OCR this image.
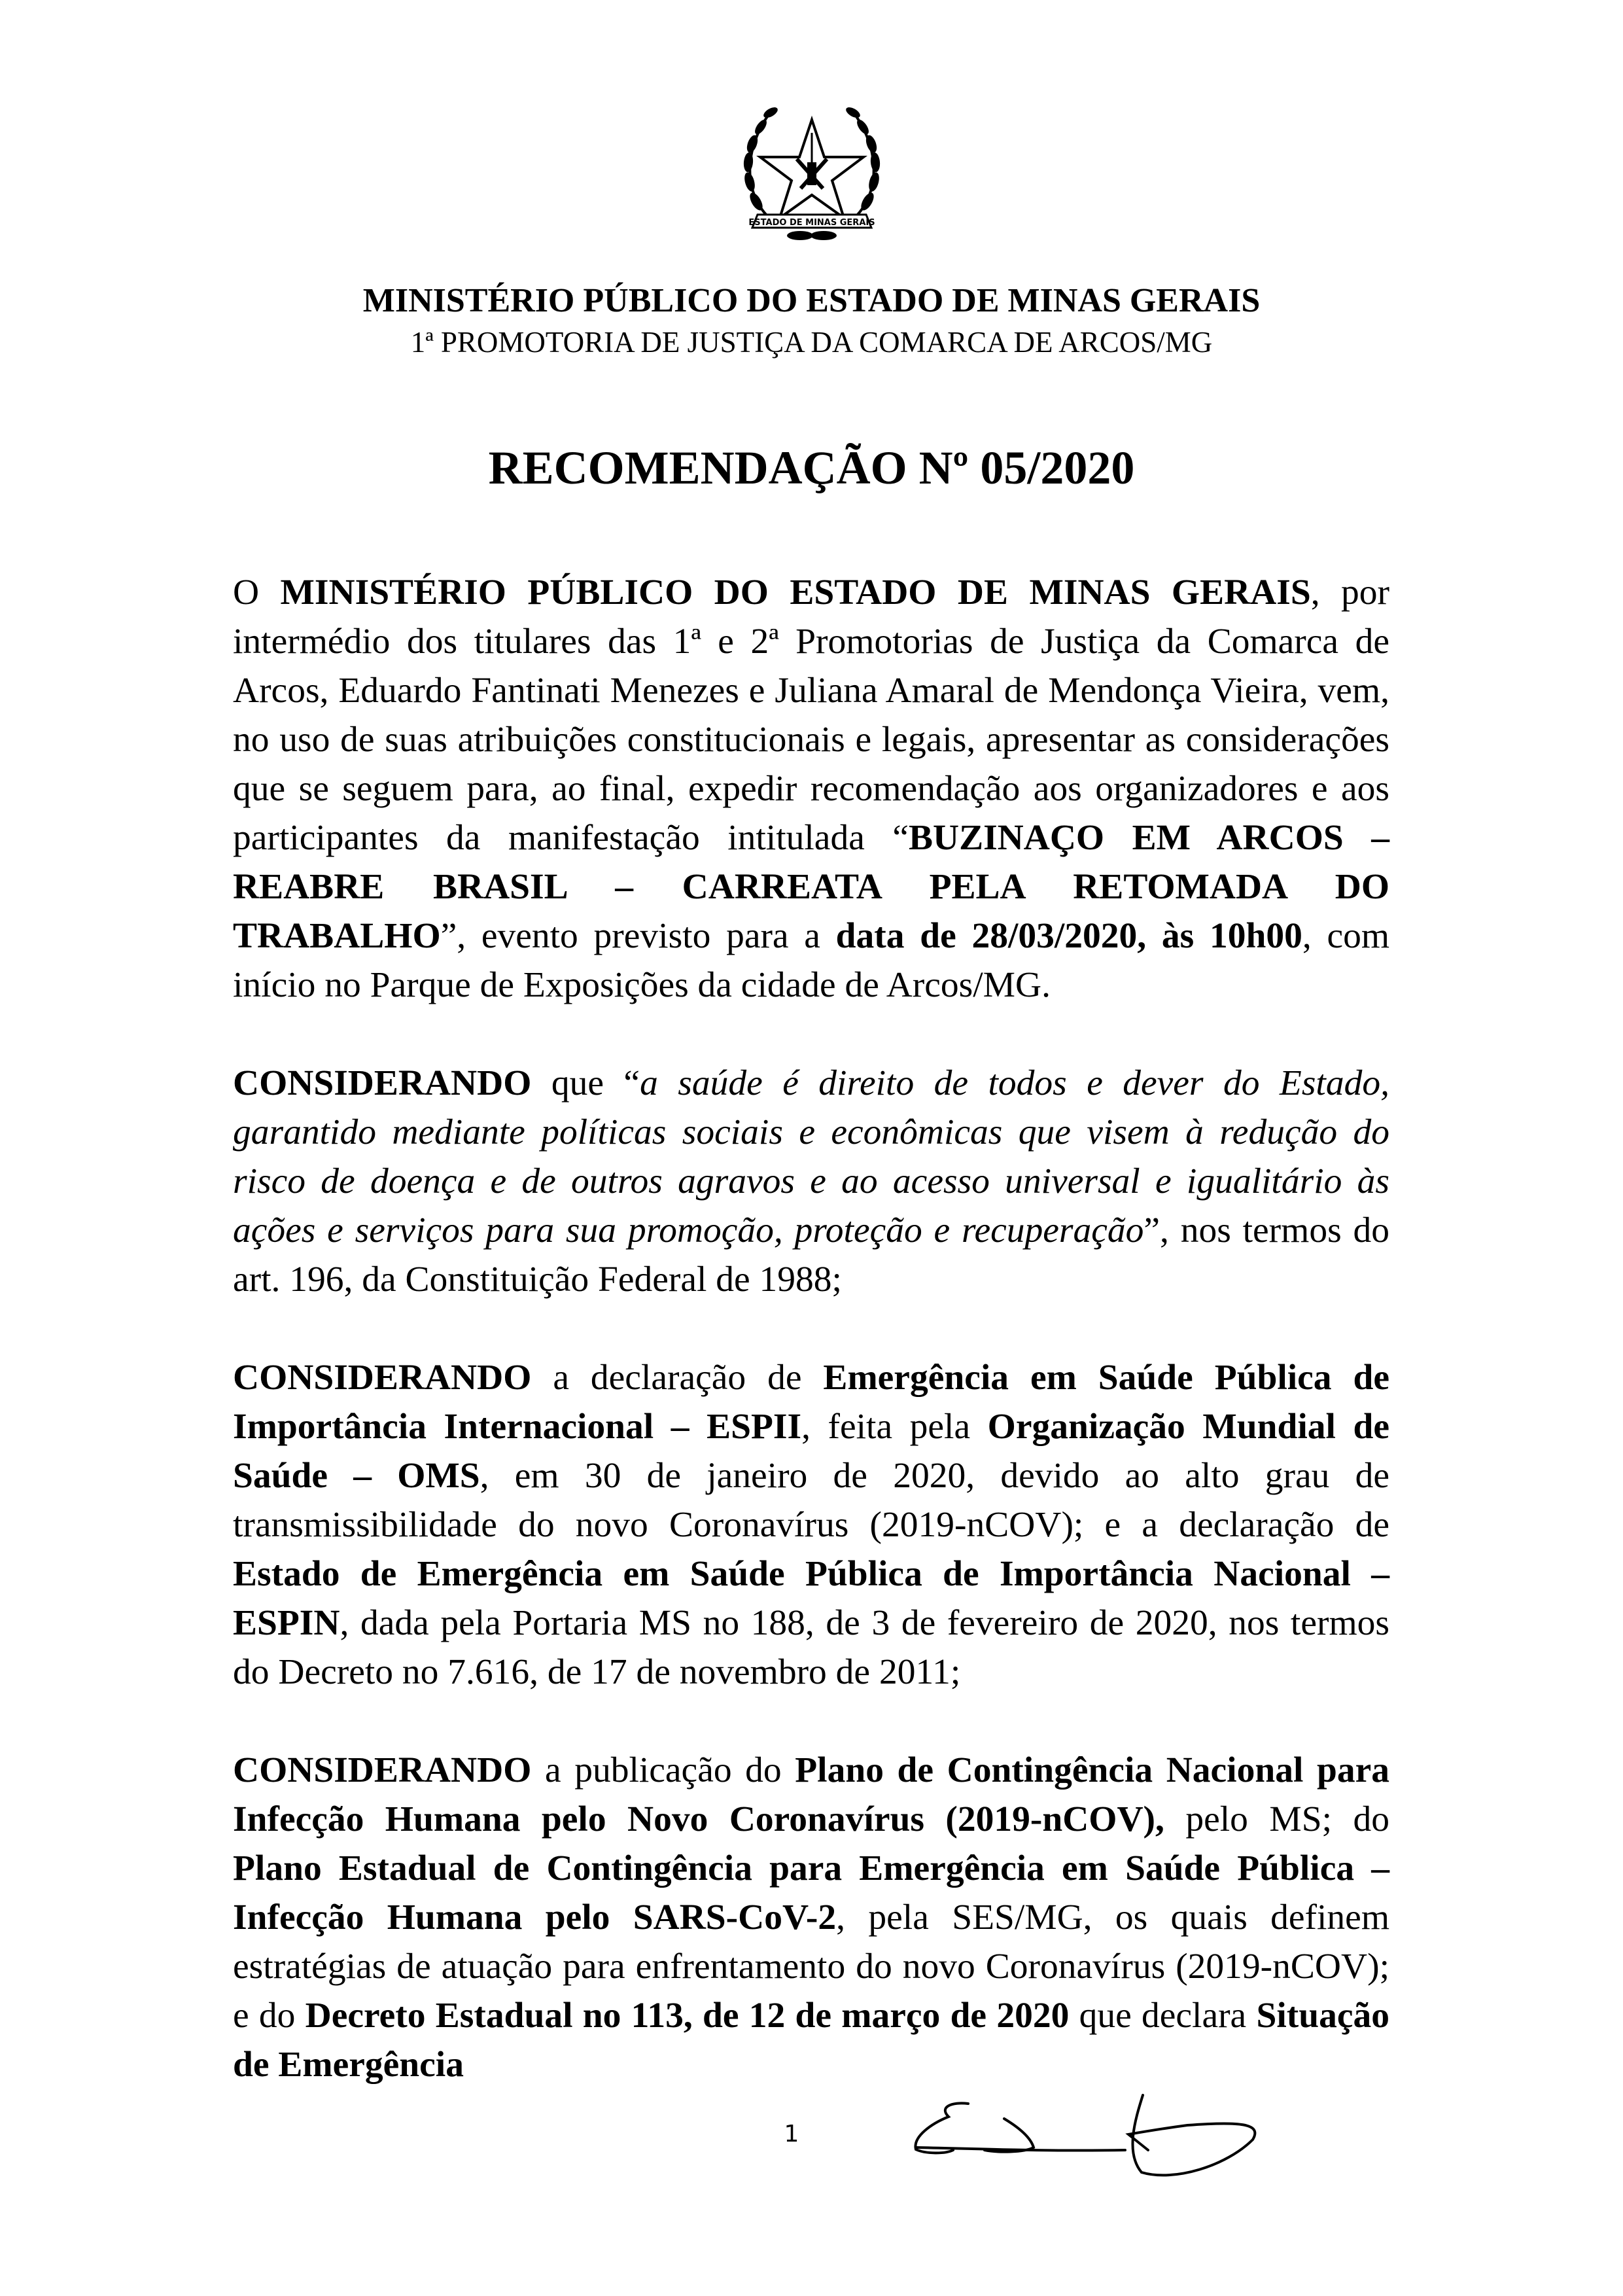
ESTADO DE MINAS GERAIS
MINISTÉRIO PÚBLICO DO ESTADO DE MINAS GERAIS
1ª PROMOTORIA DE JUSTIÇA DA COMARCA DE ARCOS/MG
RECOMENDAÇÃO Nº 05/2020

O MINISTÉRIO PÚBLICO DO ESTADO DE MINAS GERAIS, por intermédio dos titulares das 1ª e 2ª Promotorias de Justiça da Comarca de Arcos, Eduardo Fantinati Menezes e Juliana Amaral de Mendonça Vieira, vem, no uso de suas atribuições constitucionais e legais, apresentar as considerações que se seguem para, ao final, expedir recomendação aos organizadores e aos participantes da manifestação intitulada “BUZINAÇO EM ARCOS – REABRE BRASIL – CARREATA PELA RETOMADA DO TRABALHO”, evento previsto para a data de 28/03/2020, às 10h00, com início no Parque de Exposições da cidade de Arcos/MG.

CONSIDERANDO que “a saúde é direito de todos e dever do Estado, garantido mediante políticas sociais e econômicas que visem à redução do risco de doença e de outros agravos e ao acesso universal e igualitário às ações e serviços para sua promoção, proteção e recuperação”, nos termos do art. 196, da Constituição Federal de 1988;

CONSIDERANDO a declaração de Emergência em Saúde Pública de Importância Internacional – ESPII, feita pela Organização Mundial de Saúde – OMS, em 30 de janeiro de 2020, devido ao alto grau de transmissibilidade do novo Coronavírus (2019-nCOV); e a declaração de Estado de Emergência em Saúde Pública de Importância Nacional – ESPIN, dada pela Portaria MS no 188, de 3 de fevereiro de 2020, nos termos do Decreto no 7.616, de 17 de novembro de 2011;

CONSIDERANDO a publicação do Plano de Contingência Nacional para Infecção Humana pelo Novo Coronavírus (2019-nCOV), pelo MS; do Plano Estadual de Contingência para Emergência em Saúde Pública – Infecção Humana pelo SARS-CoV-2, pela SES/MG, os quais definem estratégias de atuação para enfrentamento do novo Coronavírus (2019-nCOV); e do Decreto Estadual no 113, de 12 de março de 2020 que declara Situação de Emergência

1
